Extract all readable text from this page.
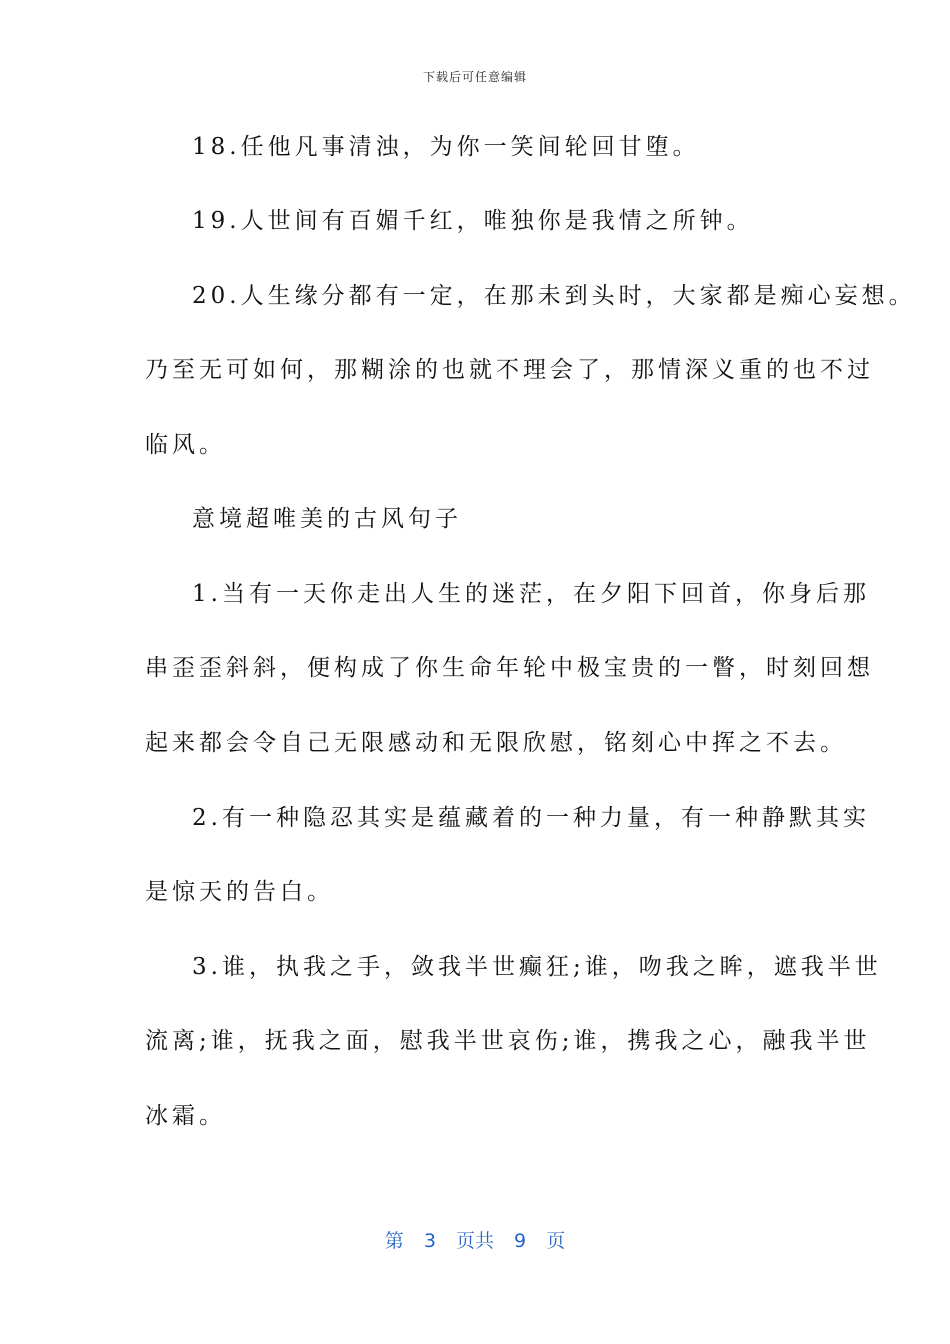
下载后可任意编辑
18.任他凡事清浊，为你一笑间轮回甘堕。
19.人世间有百媚千红，唯独你是我情之所钟。
20.人生缘分都有一定，在那未到头时，大家都是痴心妄想。
乃至无可如何，那糊涂的也就不理会了，那情深义重的也不过
临风。
意境超唯美的古风句子
1.当有一天你走出人生的迷茫，在夕阳下回首，你身后那
串歪歪斜斜，便构成了你生命年轮中极宝贵的一瞥，时刻回想
起来都会令自己无限感动和无限欣慰，铭刻心中挥之不去。
2.有一种隐忍其实是蕴藏着的一种力量，有一种静默其实
是惊天的告白。
3.谁，执我之手，敛我半世癫狂;谁，吻我之眸，遮我半世
流离;谁，抚我之面，慰我半世哀伤;谁，携我之心，融我半世
冰霜。
第 3 页共 9 页
